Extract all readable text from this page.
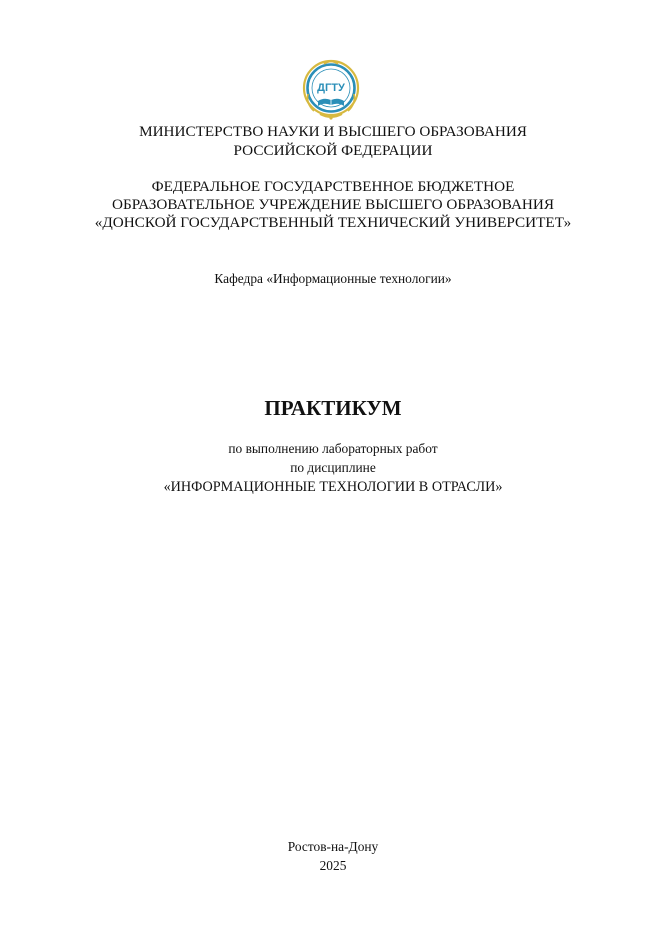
ДГТУ
МИНИСТЕРСТВО НАУКИ И ВЫСШЕГО ОБРАЗОВАНИЯ
РОССИЙСКОЙ ФЕДЕРАЦИИ
ФЕДЕРАЛЬНОЕ ГОСУДАРСТВЕННОЕ БЮДЖЕТНОЕ
ОБРАЗОВАТЕЛЬНОЕ УЧРЕЖДЕНИЕ ВЫСШЕГО ОБРАЗОВАНИЯ
«ДОНСКОЙ ГОСУДАРСТВЕННЫЙ ТЕХНИЧЕСКИЙ УНИВЕРСИТЕТ»
Кафедра «Информационные технологии»
ПРАКТИКУМ
по выполнению лабораторных работ
по дисциплине
«ИНФОРМАЦИОННЫЕ ТЕХНОЛОГИИ В ОТРАСЛИ»
Ростов-на-Дону
2025
